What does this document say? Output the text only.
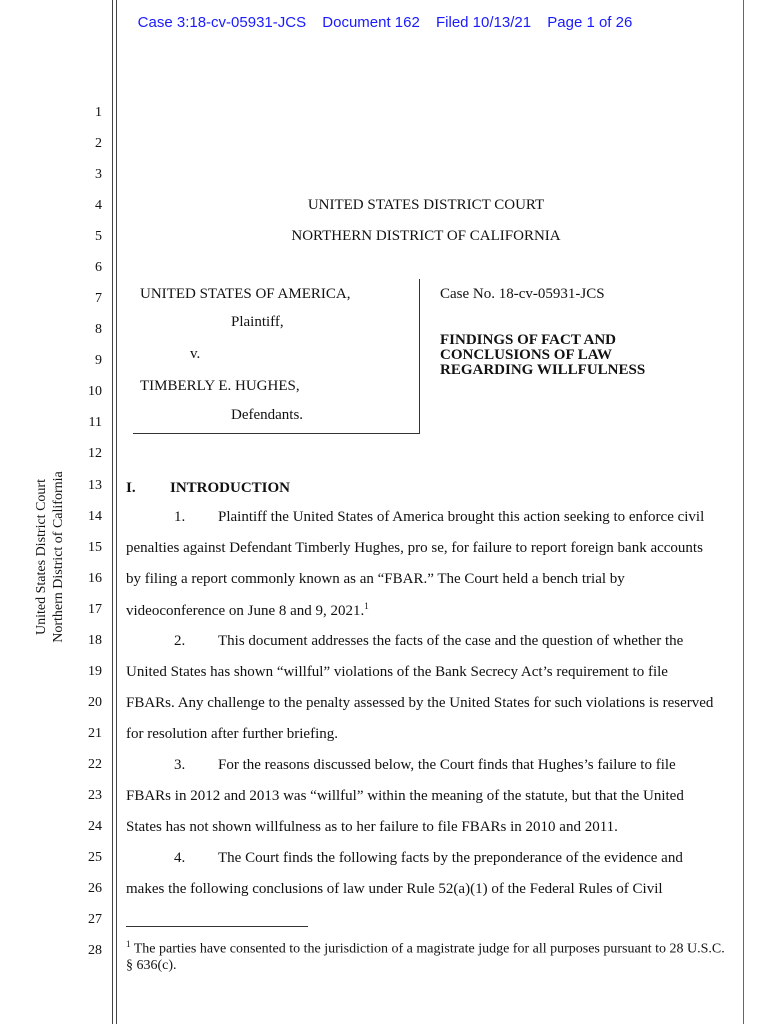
Case 3:18-cv-05931-JCS Document 162 Filed 10/13/21 Page 1 of 26
United States District Court Northern District of California
1
2
3
4
5
6
7
8
9
10
11
12
13
14
15
16
17
18
19
20
21
22
23
24
25
26
27
28
UNITED STATES DISTRICT COURT
NORTHERN DISTRICT OF CALIFORNIA
UNITED STATES OF AMERICA,
Plaintiff,
v.
TIMBERLY E. HUGHES,
Defendants.
Case No. 18-cv-05931-JCS
FINDINGS OF FACT AND
CONCLUSIONS OF LAW
REGARDING WILLFULNESS
I. INTRODUCTION
1. Plaintiff the United States of America brought this action seeking to enforce civil
penalties against Defendant Timberly Hughes, pro se, for failure to report foreign bank accounts
by filing a report commonly known as an “FBAR.” The Court held a bench trial by
videoconference on June 8 and 9, 2021.$^1$
2. This document addresses the facts of the case and the question of whether the
United States has shown “willful” violations of the Bank Secrecy Act’s requirement to file
FBARs. Any challenge to the penalty assessed by the United States for such violations is reserved
for resolution after further briefing.
3. For the reasons discussed below, the Court finds that Hughes’s failure to file
FBARs in 2012 and 2013 was “willful” within the meaning of the statute, but that the United
States has not shown willfulness as to her failure to file FBARs in 2010 and 2011.
4. The Court finds the following facts by the preponderance of the evidence and
makes the following conclusions of law under Rule 52(a)(1) of the Federal Rules of Civil
$^1$ The parties have consented to the jurisdiction of a magistrate judge for all purposes pursuant to 28 U.S.C. § 636(c).
